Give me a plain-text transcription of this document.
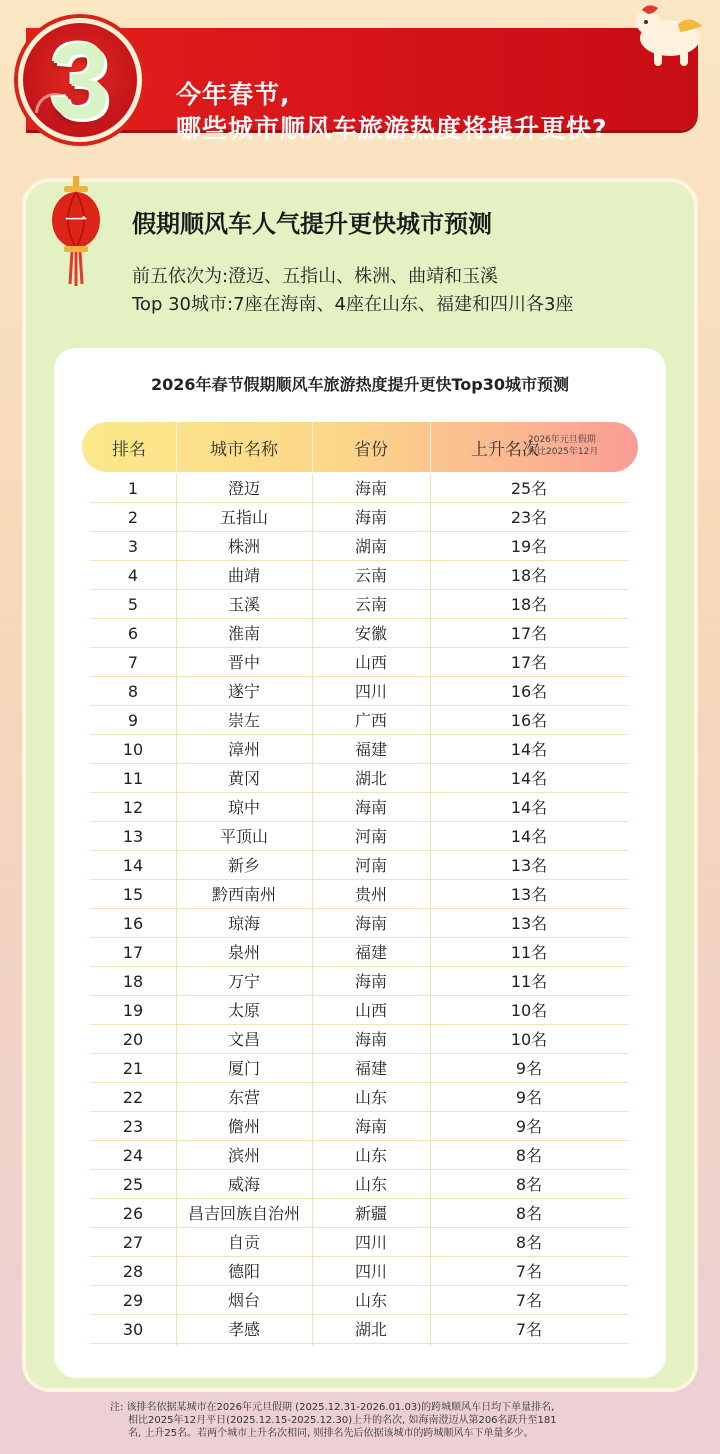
今年春节,
哪些城市顺风车旅游热度将提升更快?
3
一 假期顺风车人气提升更快城市预测
前五依次为:澄迈、五指山、株洲、曲靖和玉溪
Top 30城市:7座在海南、4座在山东、福建和四川各3座
2026年春节假期顺风车旅游热度提升更快Top30城市预测
排名	城市名称	省份	上升名次
2026年元旦假期
相比2025年12月
1	澄迈	海南	25名
2	五指山	海南	23名
3	株洲	湖南	19名
4	曲靖	云南	18名
5	玉溪	云南	18名
6	淮南	安徽	17名
7	晋中	山西	17名
8	遂宁	四川	16名
9	崇左	广西	16名
10	漳州	福建	14名
11	黄冈	湖北	14名
12	琼中	海南	14名
13	平顶山	河南	14名
14	新乡	河南	13名
15	黔西南州	贵州	13名
16	琼海	海南	13名
17	泉州	福建	11名
18	万宁	海南	11名
19	太原	山西	10名
20	文昌	海南	10名
21	厦门	福建	9名
22	东营	山东	9名
23	儋州	海南	9名
24	滨州	山东	8名
25	威海	山东	8名
26	昌吉回族自治州	新疆	8名
27	自贡	四川	8名
28	德阳	四川	7名
29	烟台	山东	7名
30	孝感	湖北	7名
注: 该排名依据某城市在2026年元旦假期 (2025.12.31-2026.01.03)的跨城顺风车日均下单量排名,
相比2025年12月平日(2025.12.15-2025.12.30)上升的名次, 如海南澄迈从第206名跃升至181
名, 上升25名。若两个城市上升名次相同, 则排名先后依据该城市的跨城顺风车下单量多少。
